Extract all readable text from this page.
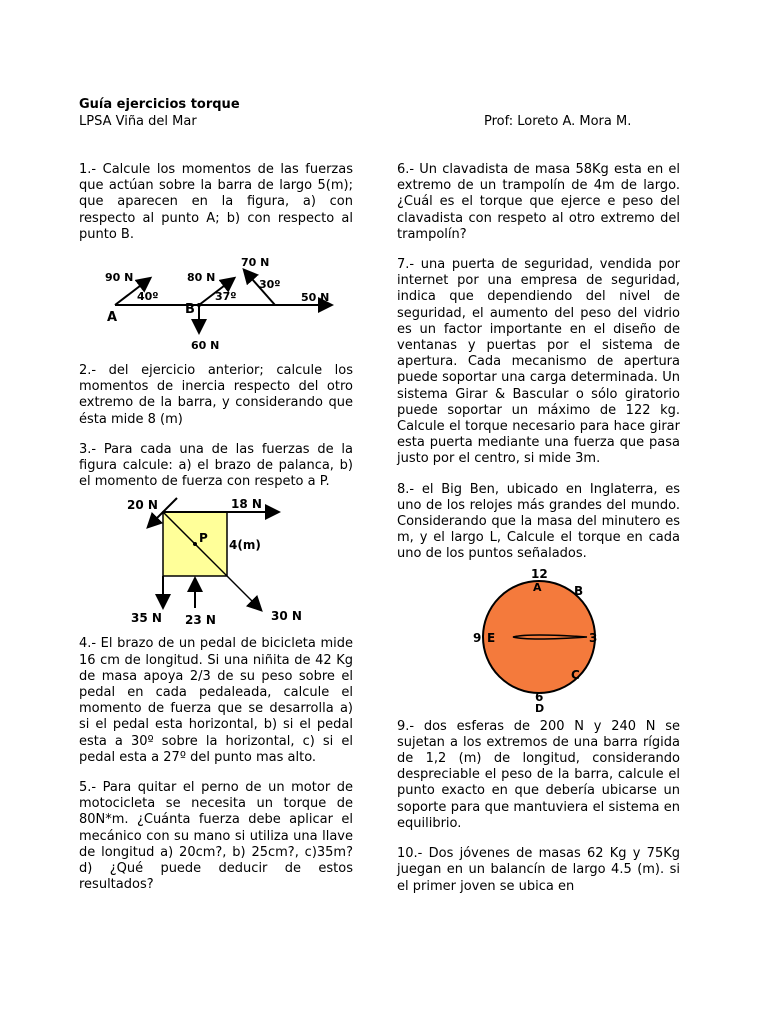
Guía ejercicios torque
LPSA Viña del Mar	Prof: Loreto A. Mora M.

1.- Calcule los momentos de las fuerzas que actúan sobre la barra de largo 5(m); que aparecen en la figura, a) con respecto al punto A; b) con respecto al punto B.

90 N
40º
A
80 N
B
37º
70 N
30º
50 N
60 N

2.- del ejercicio anterior; calcule los momentos de inercia respecto del otro extremo de la barra, y considerando que ésta mide 8 (m)

3.- Para cada una de las fuerzas de la figura calcule: a) el brazo de palanca, b) el momento de fuerza con respeto a P.

20 N	18 N
P 4(m)
35 N 23 N	30 N

4.- El brazo de un pedal de bicicleta mide 16 cm de longitud. Si una niñita de 42 Kg de masa apoya 2/3 de su peso sobre el pedal en cada pedaleada, calcule el momento de fuerza que se desarrolla a) si el pedal esta horizontal, b) si el pedal esta a 30º sobre la horizontal, c) si el pedal esta a 27º del punto mas alto.

5.- Para quitar el perno de un motor de motocicleta se necesita un torque de 80N*m. ¿Cuánta fuerza debe aplicar el mecánico con su mano si utiliza una llave de longitud a) 20cm?, b) 25cm?, c)35m? d) ¿Qué puede deducir de estos resultados?

6.- Un clavadista de masa 58Kg esta en el extremo de un trampolín de 4m de largo. ¿Cuál es el torque que ejerce e peso del clavadista con respeto al otro extremo del trampolín?

7.- una puerta de seguridad, vendida por internet por una empresa de seguridad, indica que dependiendo del nivel de seguridad, el aumento del peso del vidrio es un factor importante en el diseño de ventanas y puertas por el sistema de apertura. Cada mecanismo de apertura puede soportar una carga determinada. Un sistema Girar & Bascular o sólo giratorio puede soportar un máximo de 122 kg. Calcule el torque necesario para hace girar esta puerta mediante una fuerza que pasa justo por el centro, si mide 3m.

8.- el Big Ben, ubicado en Inglaterra, es uno de los relojes más grandes del mundo. Considerando que la masa del minutero es m, y el largo L, Calcule el torque en cada uno de los puntos señalados.

12
A	B
3
C
6
D
9 E

9.- dos esferas de 200 N y 240 N se sujetan a los extremos de una barra rígida de 1,2 (m) de longitud, considerando despreciable el peso de la barra, calcule el punto exacto en que debería ubicarse un soporte para que mantuviera el sistema en equilibrio.

10.- Dos jóvenes de masas 62 Kg y 75Kg juegan en un balancín de largo 4.5 (m). si el primer joven se ubica en
